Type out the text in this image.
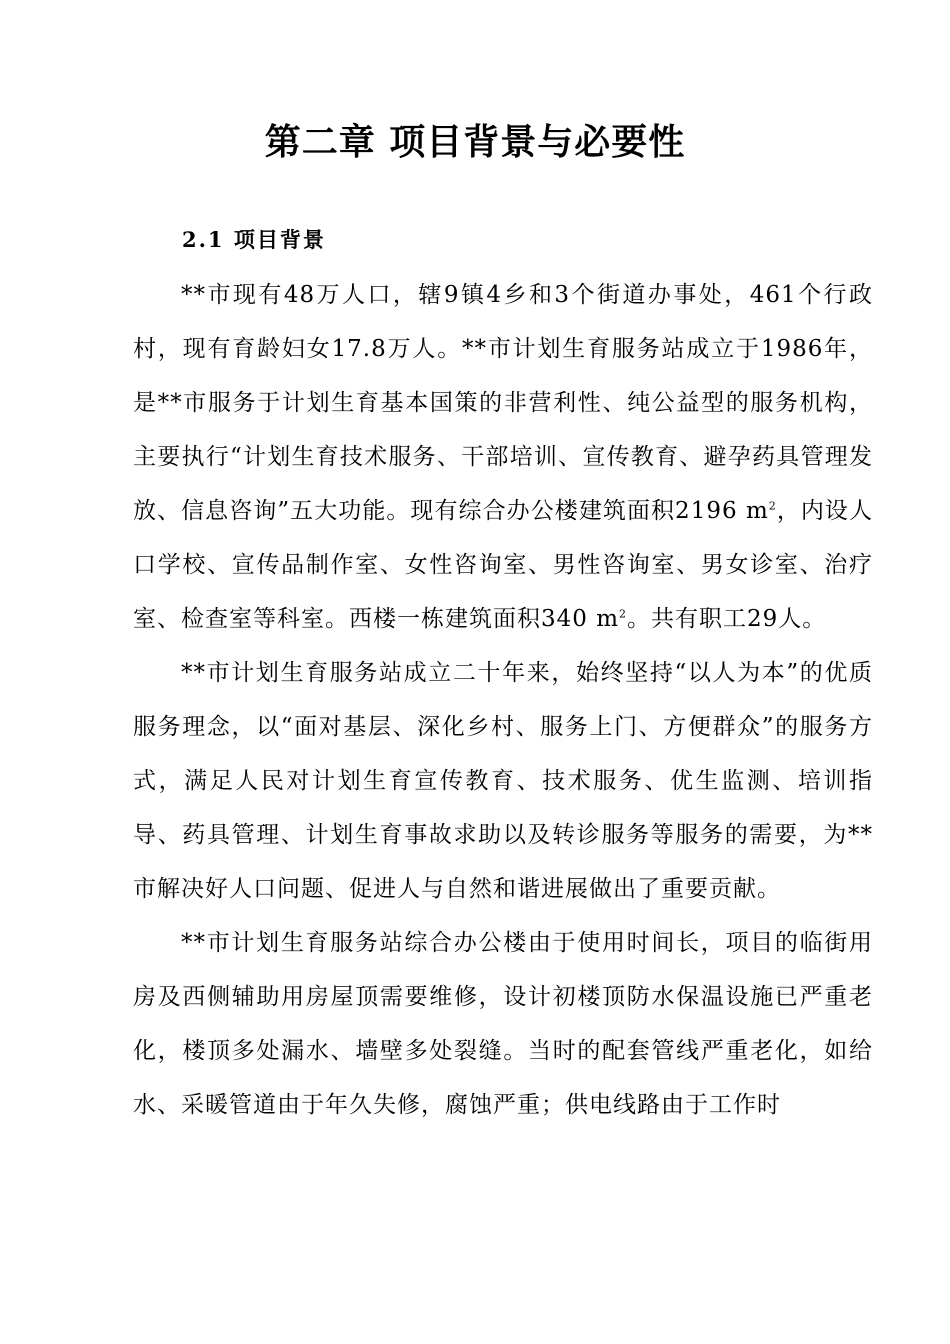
第二章 项目背景与必要性
2.1 项目背景

**市现有48万人口，辖9镇4乡和3个街道办事处，461个行政村，现有育龄妇女17.8万人。**市计划生育服务站成立于1986年，是**市服务于计划生育基本国策的非营利性、纯公益型的服务机构，主要执行“计划生育技术服务、干部培训、宣传教育、避孕药具管理发放、信息咨询”五大功能。现有综合办公楼建筑面积2196 $m^2$，内设人口学校、宣传品制作室、女性咨询室、男性咨询室、男女诊室、治疗室、检查室等科室。西楼一栋建筑面积340 $m^2$。共有职工29人。

**市计划生育服务站成立二十年来，始终坚持“以人为本”的优质服务理念，以“面对基层、深化乡村、服务上门、方便群众”的服务方式，满足人民对计划生育宣传教育、技术服务、优生监测、培训指导、药具管理、计划生育事故求助以及转诊服务等服务的需要，为**市解决好人口问题、促进人与自然和谐进展做出了重要贡献。

**市计划生育服务站综合办公楼由于使用时间长，项目的临街用房及西侧辅助用房屋顶需要维修，设计初楼顶防水保温设施已严重老化，楼顶多处漏水、墙壁多处裂缝。当时的配套管线严重老化，如给水、采暖管道由于年久失修，腐蚀严重；供电线路由于工作时
